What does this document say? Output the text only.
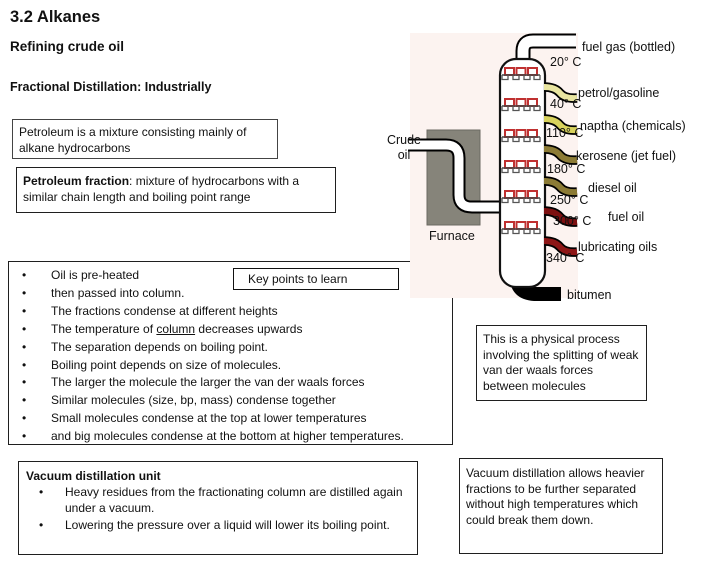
3.2 Alkanes
Refining crude oil
Fractional Distillation: Industrially
Petroleum is a mixture consisting mainly of alkane hydrocarbons
Petroleum fraction: mixture of hydrocarbons with a similar chain length and boiling point range
Key points to learn
• Oil is pre-heated
• then passed into column.
• The fractions condense at different heights
• The temperature of column decreases upwards
• The separation depends on boiling point.
• Boiling point depends on size of molecules.
• The larger the molecule the larger the van der waals forces
• Similar molecules (size, bp, mass) condense together
• Small molecules condense at the top at lower temperatures
• and big molecules condense at the bottom at higher temperatures.
This is a physical process involving the splitting of weak van der waals forces between molecules
Vacuum distillation unit
• Heavy residues from the fractionating column are distilled again under a vacuum.
• Lowering the pressure over a liquid will lower its boiling point.
Vacuum distillation allows heavier fractions to be further separated without high temperatures which could break them down.
20° C
40° C
110° C
180° C
250° C
300° C
340° C
fuel gas (bottled)
petrol/gasoline
naptha (chemicals)
kerosene (jet fuel)
diesel oil
fuel oil
lubricating oils
bitumen
Crude
oil
Furnace
